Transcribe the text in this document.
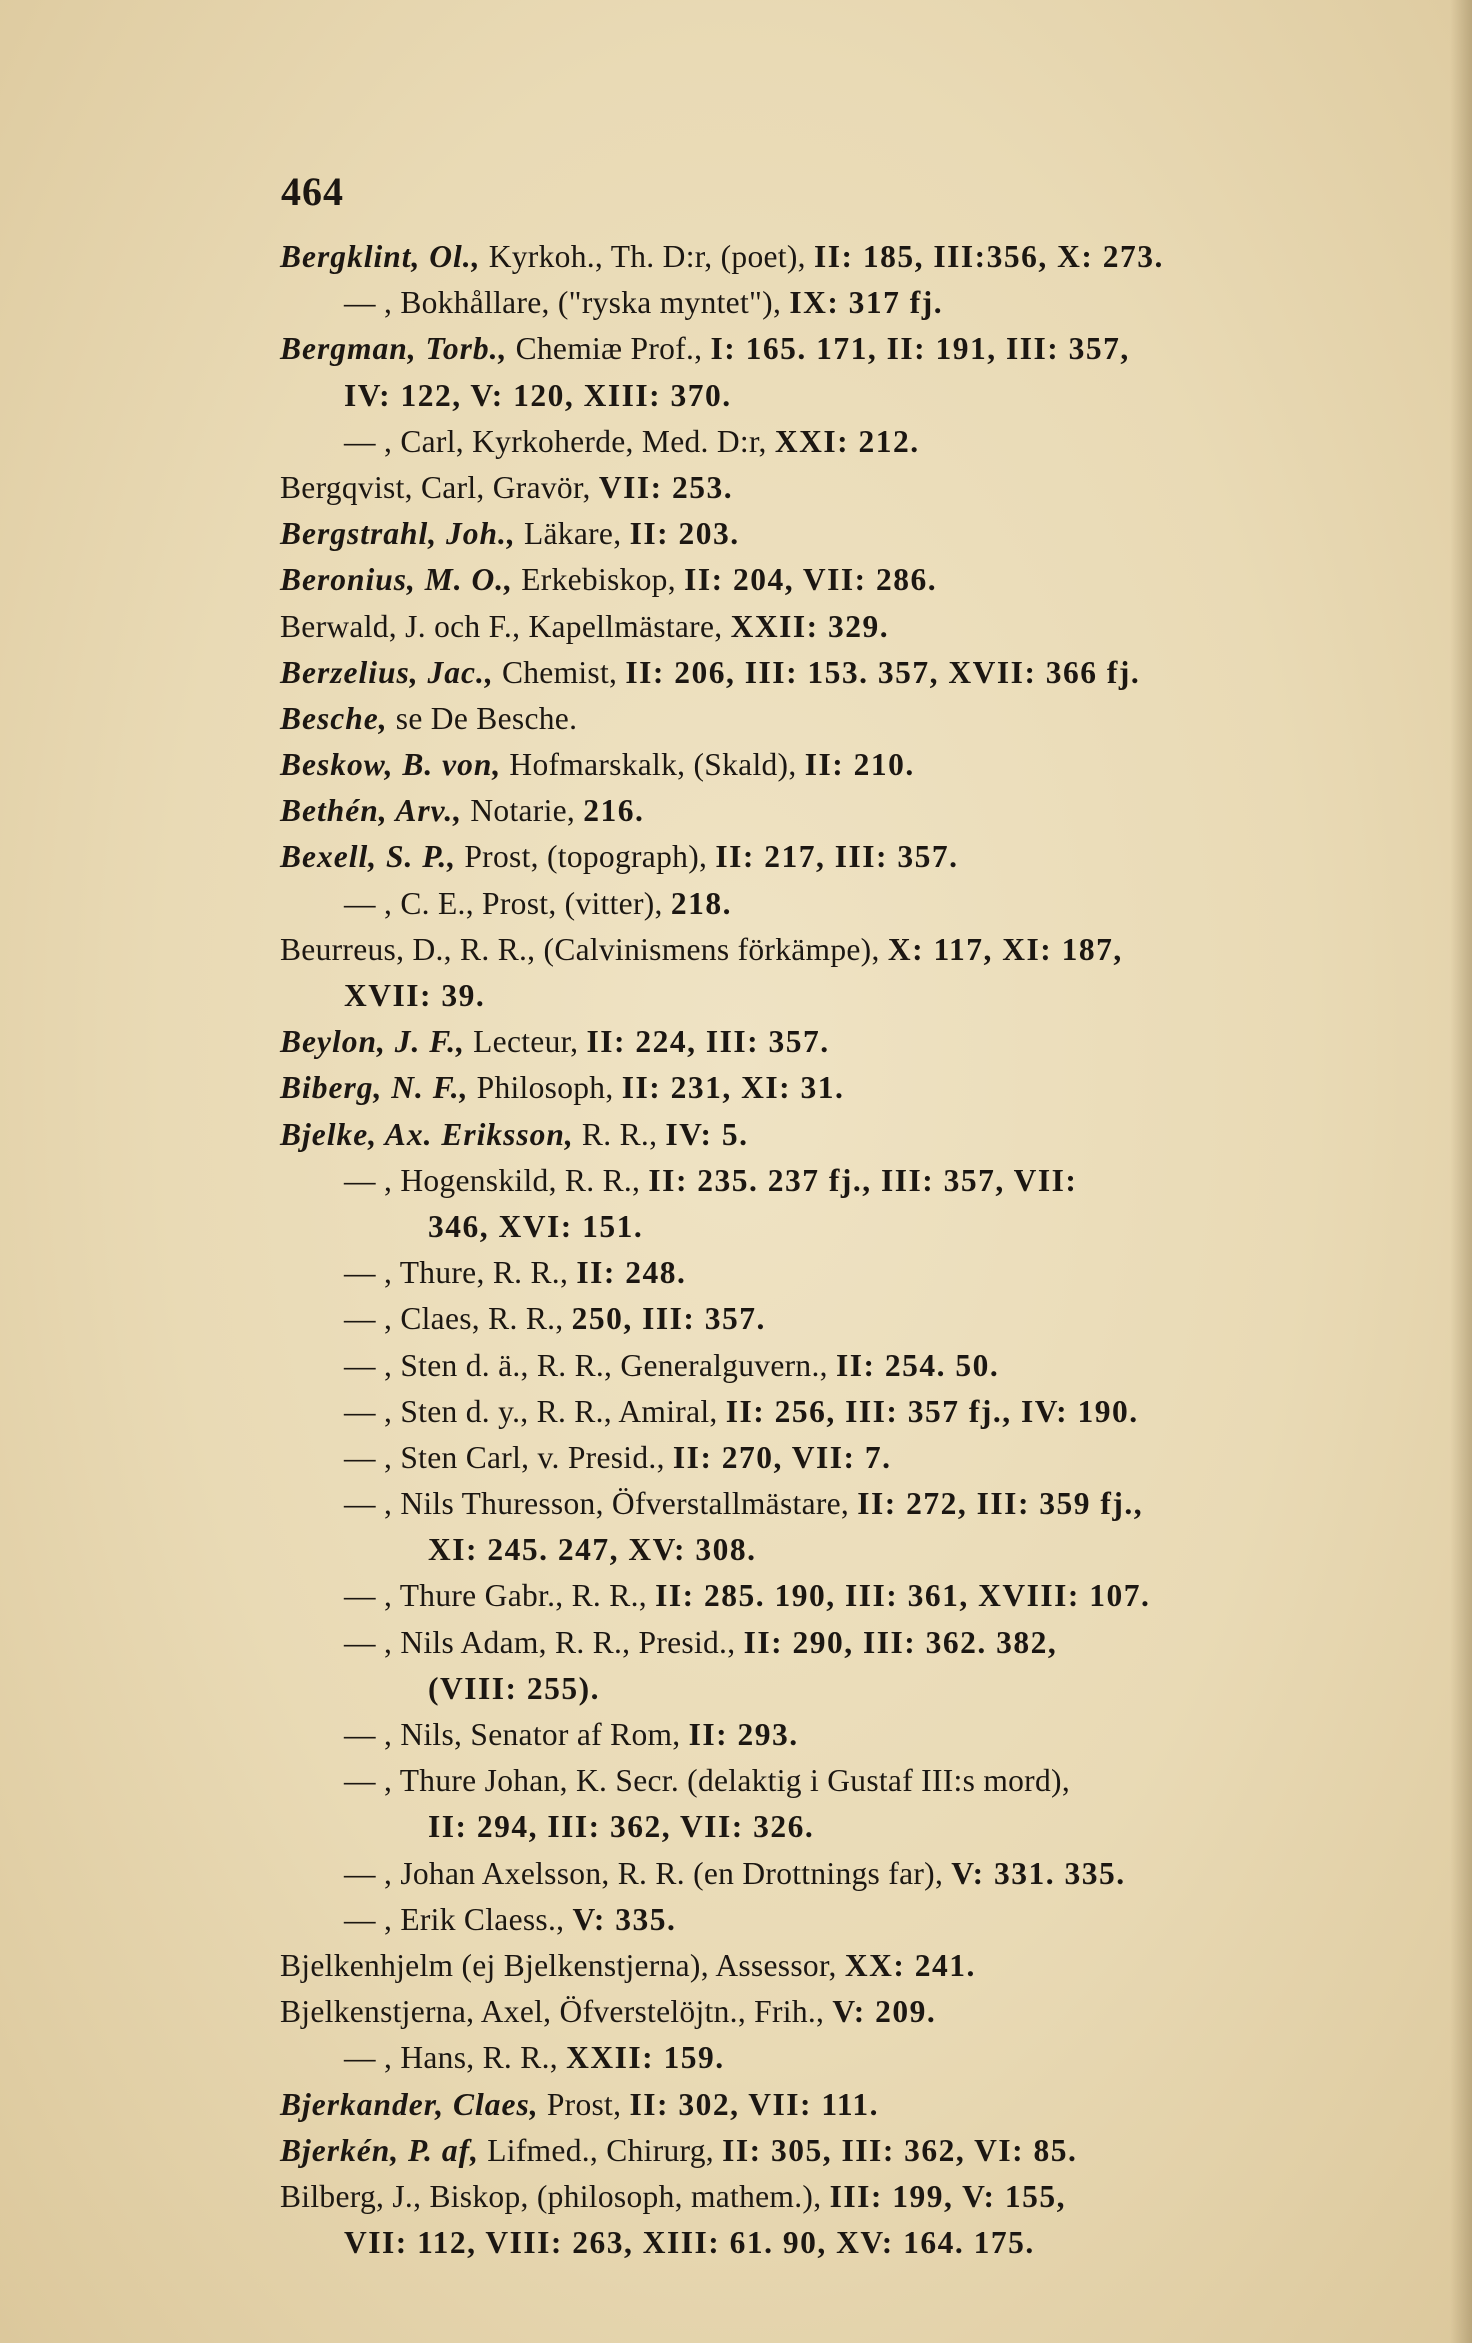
464
Bergklint, Ol., Kyrkoh., Th. D:r, (poet), II: 185, III:356, X: 273.
— , Bokhållare, ("ryska myntet"), IX: 317 fj.
Bergman, Torb., Chemiæ Prof., I: 165. 171, II: 191, III: 357,
IV: 122, V: 120, XIII: 370.
— , Carl, Kyrkoherde, Med. D:r, XXI: 212.
Bergqvist, Carl, Gravör, VII: 253.
Bergstrahl, Joh., Läkare, II: 203.
Beronius, M. O., Erkebiskop, II: 204, VII: 286.
Berwald, J. och F., Kapellmästare, XXII: 329.
Berzelius, Jac., Chemist, II: 206, III: 153. 357, XVII: 366 fj.
Besche, se De Besche.
Beskow, B. von, Hofmarskalk, (Skald), II: 210.
Bethén, Arv., Notarie, 216.
Bexell, S. P., Prost, (topograph), II: 217, III: 357.
— , C. E., Prost, (vitter), 218.
Beurreus, D., R. R., (Calvinismens förkämpe), X: 117, XI: 187,
XVII: 39.
Beylon, J. F., Lecteur, II: 224, III: 357.
Biberg, N. F., Philosoph, II: 231, XI: 31.
Bjelke, Ax. Eriksson, R. R., IV: 5.
— , Hogenskild, R. R., II: 235. 237 fj., III: 357, VII:
346, XVI: 151.
— , Thure, R. R., II: 248.
— , Claes, R. R., 250, III: 357.
— , Sten d. ä., R. R., Generalguvern., II: 254. 50.
— , Sten d. y., R. R., Amiral, II: 256, III: 357 fj., IV: 190.
— , Sten Carl, v. Presid., II: 270, VII: 7.
— , Nils Thuresson, Öfverstallmästare, II: 272, III: 359 fj.,
XI: 245. 247, XV: 308.
— , Thure Gabr., R. R., II: 285. 190, III: 361, XVIII: 107.
— , Nils Adam, R. R., Presid., II: 290, III: 362. 382,
(VIII: 255).
— , Nils, Senator af Rom, II: 293.
— , Thure Johan, K. Secr. (delaktig i Gustaf III:s mord),
II: 294, III: 362, VII: 326.
— , Johan Axelsson, R. R. (en Drottnings far), V: 331. 335.
— , Erik Claess., V: 335.
Bjelkenhjelm (ej Bjelkenstjerna), Assessor, XX: 241.
Bjelkenstjerna, Axel, Öfverstelöjtn., Frih., V: 209.
— , Hans, R. R., XXII: 159.
Bjerkander, Claes, Prost, II: 302, VII: 111.
Bjerkén, P. af, Lifmed., Chirurg, II: 305, III: 362, VI: 85.
Bilberg, J., Biskop, (philosoph, mathem.), III: 199, V: 155,
VII: 112, VIII: 263, XIII: 61. 90, XV: 164. 175.
